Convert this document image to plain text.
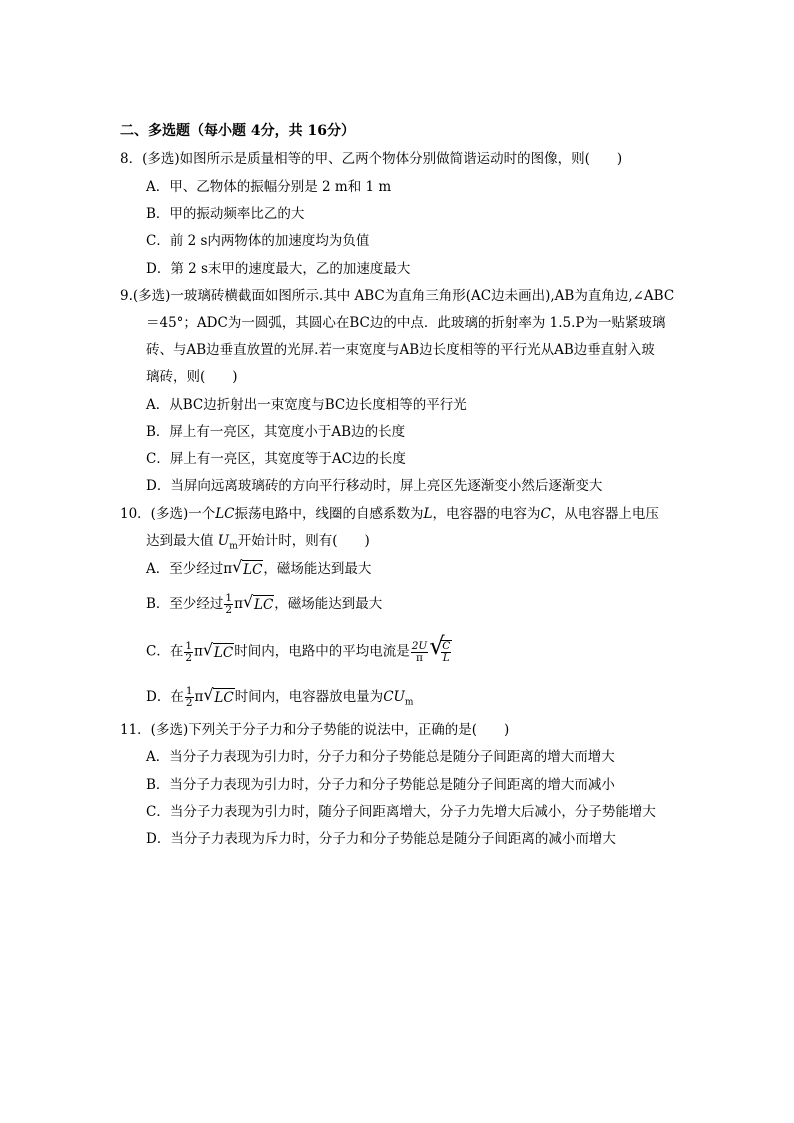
二、多选题（每小题 4分，共 16分）
8．(多选)如图所示是质量相等的甲、乙两个物体分别做简谐运动时的图像，则(　　)
A．甲、乙物体的振幅分别是 2 m和 1 m
B．甲的振动频率比乙的大
C．前 2 s内两物体的加速度均为负值
D．第 2 s末甲的速度最大，乙的加速度最大
9.(多选)一玻璃砖横截面如图所示.其中 ABC为直角三角形(AC边未画出),AB为直角边,∠ABC
＝45°；ADC为一圆弧，其圆心在BC边的中点．此玻璃的折射率为 1.5.P为一贴紧玻璃
砖、与AB边垂直放置的光屏.若一束宽度与AB边长度相等的平行光从AB边垂直射入玻
璃砖，则(　　)
A．从BC边折射出一束宽度与BC边长度相等的平行光
B．屏上有一亮区，其宽度小于AB边的长度
C．屏上有一亮区，其宽度等于AC边的长度
D．当屏向远离玻璃砖的方向平行移动时，屏上亮区先逐渐变小然后逐渐变大
10．(多选)一个LC振荡电路中，线圈的自感系数为L，电容器的电容为C，从电容器上电压
达到最大值 $U_m$开始计时，则有(　　)
A．至少经过π √ LC，磁场能达到最大
B．至少经过 $\frac{1}{2}$ π √ LC，磁场能达到最大
C．在 $\frac{1}{2}$ π √ LC时间内，电路中的平均电流是 $\frac{2U}{\pi}$ √
$\frac{C}{L}$
D．在 $\frac{1}{2}$ π √ LC时间内，电容器放电量为$CU_m$
11．(多选)下列关于分子力和分子势能的说法中，正确的是(　　)
A．当分子力表现为引力时，分子力和分子势能总是随分子间距离的增大而增大
B．当分子力表现为引力时，分子力和分子势能总是随分子间距离的增大而减小
C．当分子力表现为引力时，随分子间距离增大，分子力先增大后减小，分子势能增大
D．当分子力表现为斥力时，分子力和分子势能总是随分子间距离的减小而增大
